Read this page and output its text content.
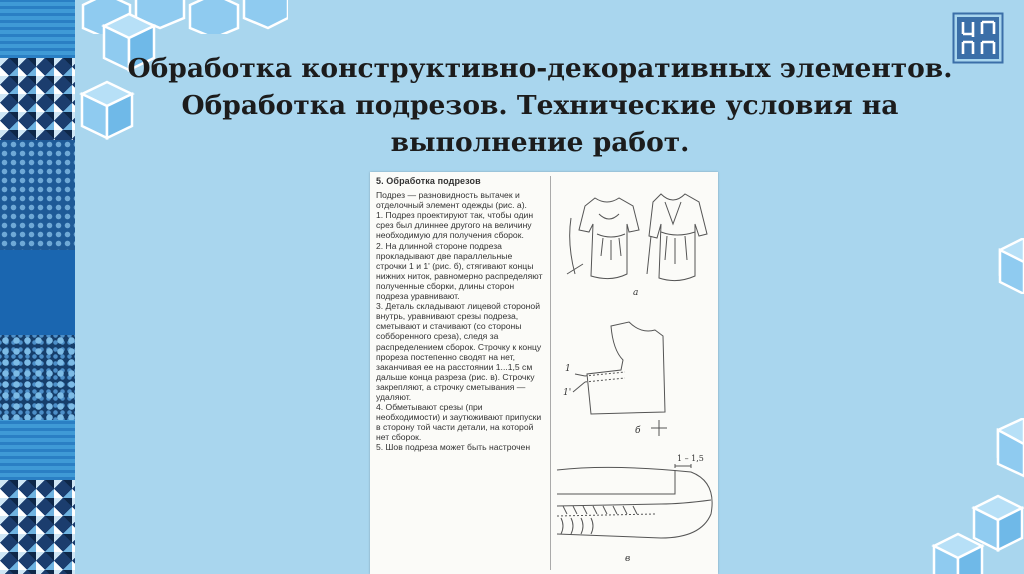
Обработка конструктивно-декоративных элементов.
Обработка подрезов. Технические условия на
выполнение работ.
5. Обработка подрезов

Подрез — разновидность вытачек и отделочный элемент одежды (рис. а).

1. Подрез проектируют так, чтобы один срез был длиннее другого на величину необходимую для получения сборок.

2. На длинной стороне подреза прокладывают две параллельные строчки 1 и 1' (рис. б), стягивают концы нижних ниток, равномерно распределяют полученные сборки, длины сторон подреза уравнивают.

3. Деталь складывают лицевой стороной внутрь, уравнивают срезы подреза, сметывают и стачивают (со стороны собборенного среза), следя за распределением сборок. Строчку к концу прореза постепенно сводят на нет, заканчивая ее на расстоянии 1...1,5 см дальше конца разреза (рис. в). Строчку закрепляют, а строчку сметывания — удаляют.

4. Обметывают срезы (при необходимости) и заутюживают припуски в сторону той части детали, на которой нет сборок.

5. Шов подреза может быть настрочен

а
1
1'
б
1 – 1,5
в
